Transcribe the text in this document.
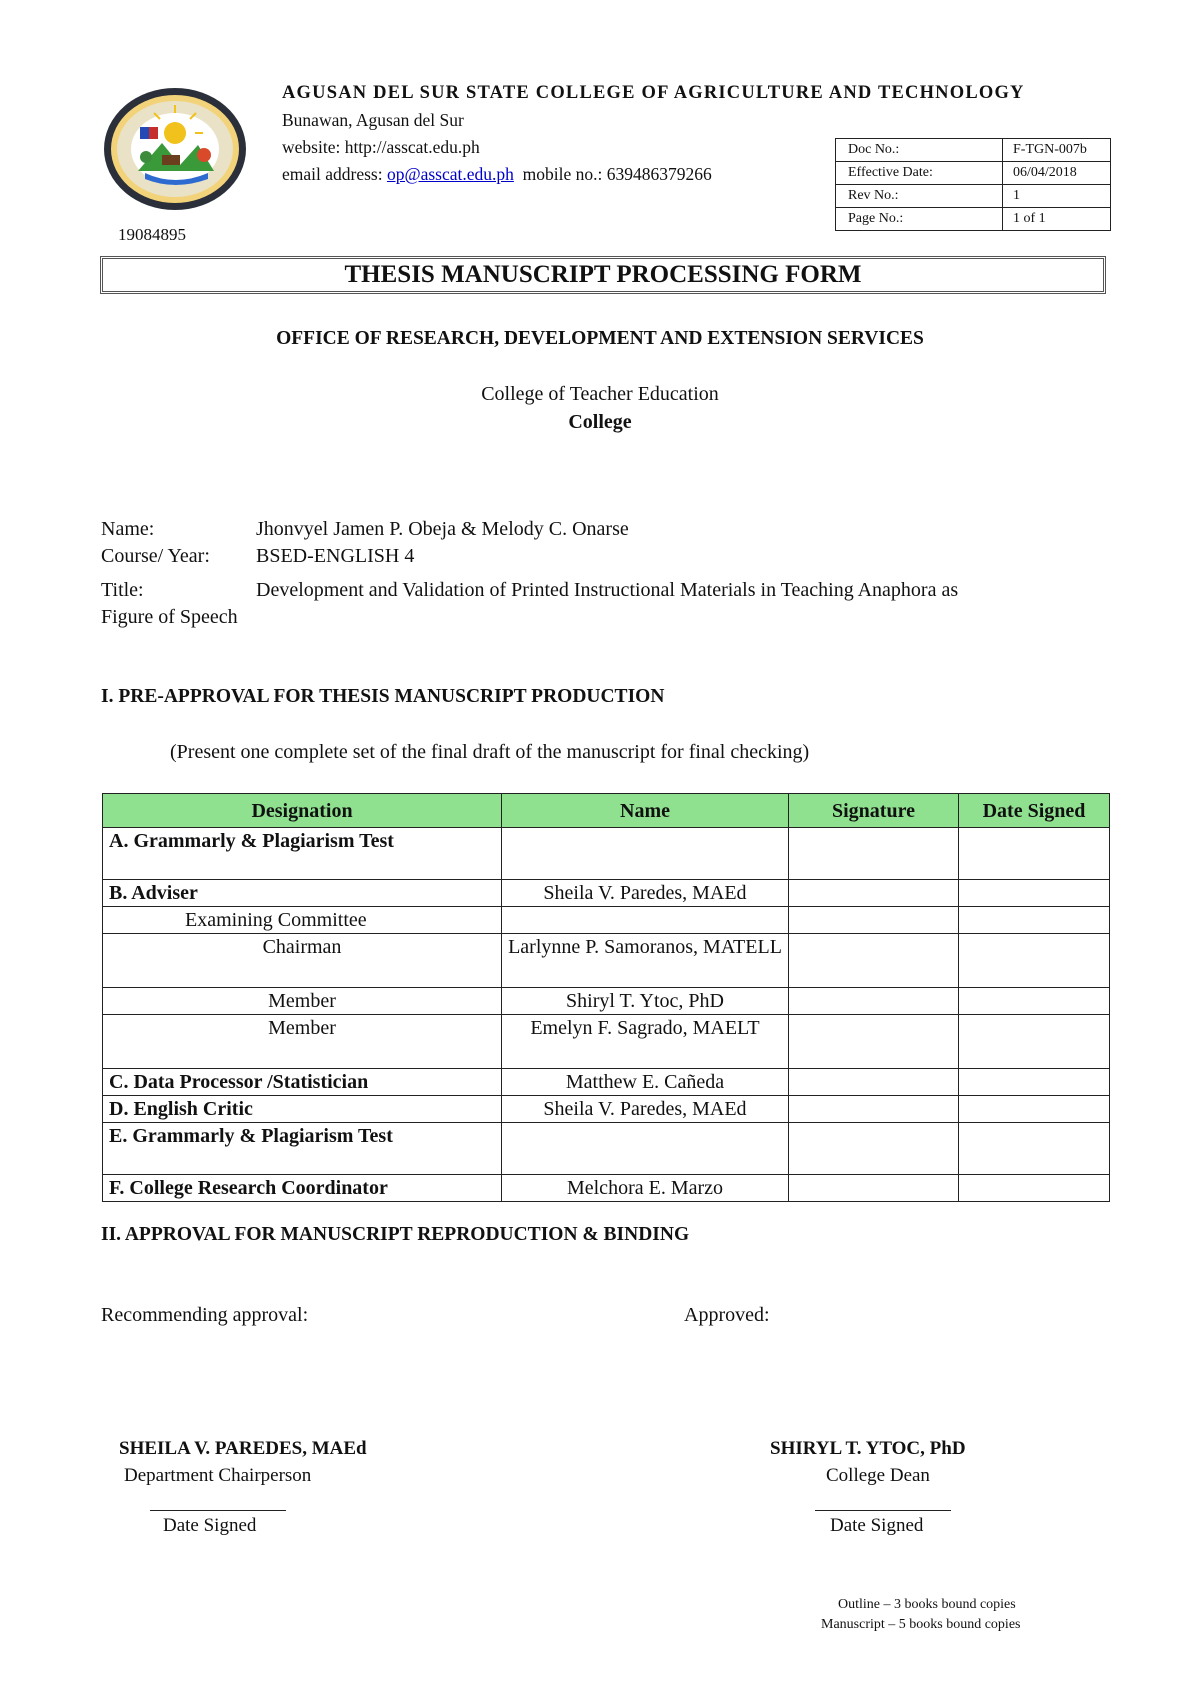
19084895
AGUSAN DEL SUR STATE COLLEGE OF AGRICULTURE AND TECHNOLOGY
Bunawan, Agusan del Sur
website: http://asscat.edu.ph
email address: op@asscat.edu.ph mobile no.: 639486379266
Doc No.:	F-TGN-007b
Effective Date:	06/04/2018
Rev No.:	1
Page No.:	1 of 1
THESIS MANUSCRIPT PROCESSING FORM
OFFICE OF RESEARCH, DEVELOPMENT AND EXTENSION SERVICES
College of Teacher Education
College
Name:	Jhonvyel Jamen P. Obeja & Melody C. Onarse
Course/ Year: BSED-ENGLISH 4
Title:	Development and Validation of Printed Instructional Materials in Teaching Anaphora as
Figure of Speech
I. PRE-APPROVAL FOR THESIS MANUSCRIPT PRODUCTION
(Present one complete set of the final draft of the manuscript for final checking)
Designation	Name	Signature	Date Signed
A. Grammarly & Plagiarism Test			
B. Adviser	Sheila V. Paredes, MAEd		
Examining Committee			
Chairman	Larlynne P. Samoranos, MATELL		
Member	Shiryl T. Ytoc, PhD		
Member	Emelyn F. Sagrado, MAELT		
C. Data Processor /Statistician	Matthew E. Cañeda		
D. English Critic	Sheila V. Paredes, MAEd		
E. Grammarly & Plagiarism Test			
F. College Research Coordinator	Melchora E. Marzo		
II. APPROVAL FOR MANUSCRIPT REPRODUCTION & BINDING
Recommending approval:	Approved:
SHEILA V. PAREDES, MAEd
Department Chairperson
Date Signed
SHIRYL T. YTOC, PhD
College Dean
Date Signed
Outline – 3 books bound copies
Manuscript – 5 books bound copies
